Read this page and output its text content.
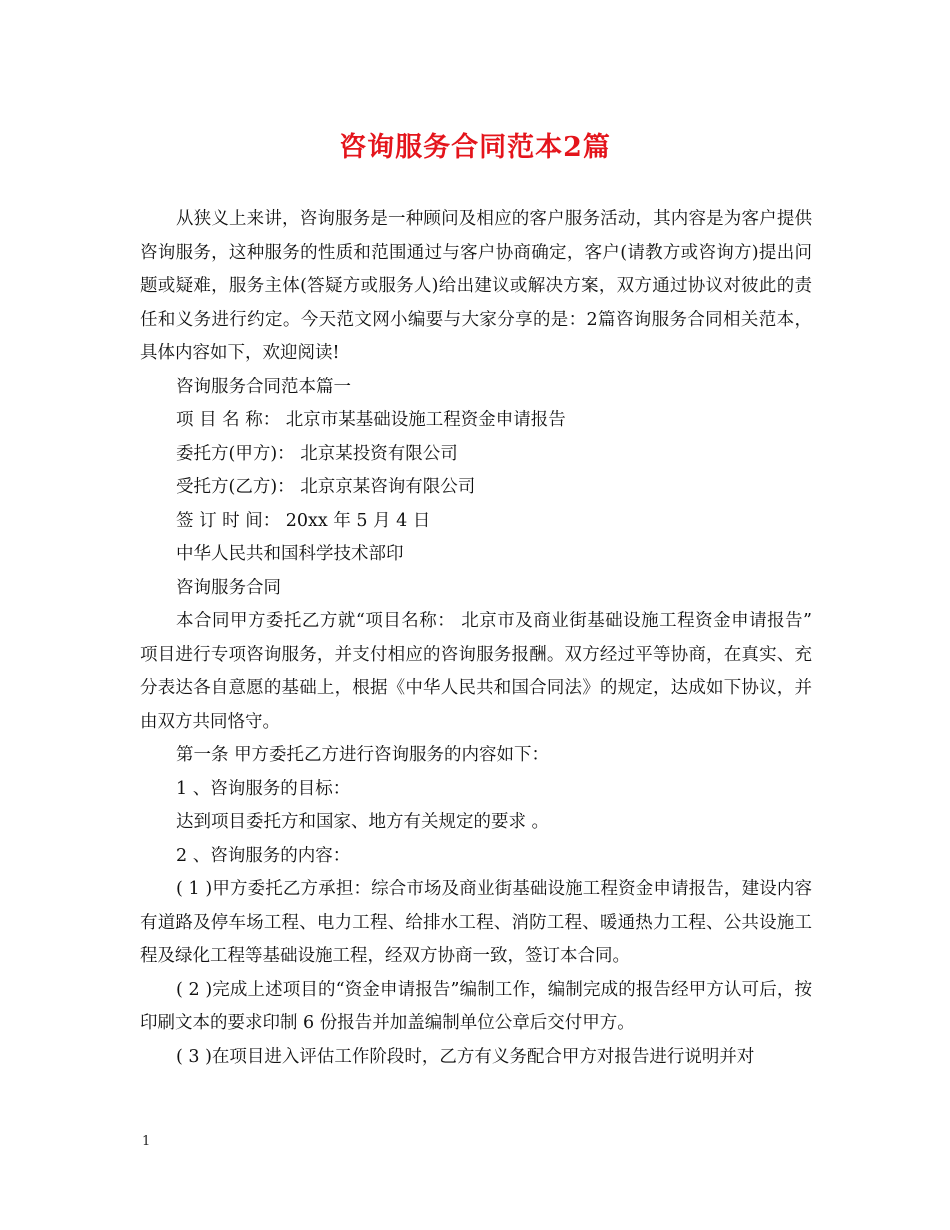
咨询服务合同范本2篇

从狭义上来讲，咨询服务是一种顾问及相应的客户服务活动，其内容是为客户提供咨询服务，这种服务的性质和范围通过与客户协商确定，客户(请教方或咨询方)提出问题或疑难，服务主体(答疑方或服务人)给出建议或解决方案，双方通过协议对彼此的责任和义务进行约定。今天范文网小编要与大家分享的是：2篇咨询服务合同相关范本，具体内容如下，欢迎阅读!

咨询服务合同范本篇一

项 目 名 称： 北京市某基础设施工程资金申请报告

委托方(甲方)： 北京某投资有限公司

受托方(乙方)： 北京京某咨询有限公司

签 订 时 间： 20xx 年 5 月 4 日

中华人民共和国科学技术部印

咨询服务合同

本合同甲方委托乙方就“项目名称： 北京市及商业街基础设施工程资金申请报告” 项目进行专项咨询服务，并支付相应的咨询服务报酬。双方经过平等协商，在真实、充分表达各自意愿的基础上，根据《中华人民共和国合同法》的规定，达成如下协议，并由双方共同恪守。

第一条 甲方委托乙方进行咨询服务的内容如下：

1 、咨询服务的目标：

达到项目委托方和国家、地方有关规定的要求 。

2 、咨询服务的内容：

( 1 )甲方委托乙方承担：综合市场及商业街基础设施工程资金申请报告，建设内容有道路及停车场工程、电力工程、给排水工程、消防工程、暖通热力工程、公共设施工程及绿化工程等基础设施工程，经双方协商一致，签订本合同。

( 2 )完成上述项目的“资金申请报告”编制工作，编制完成的报告经甲方认可后，按印刷文本的要求印制 6 份报告并加盖编制单位公章后交付甲方。

( 3 )在项目进入评估工作阶段时，乙方有义务配合甲方对报告进行说明并对

1
